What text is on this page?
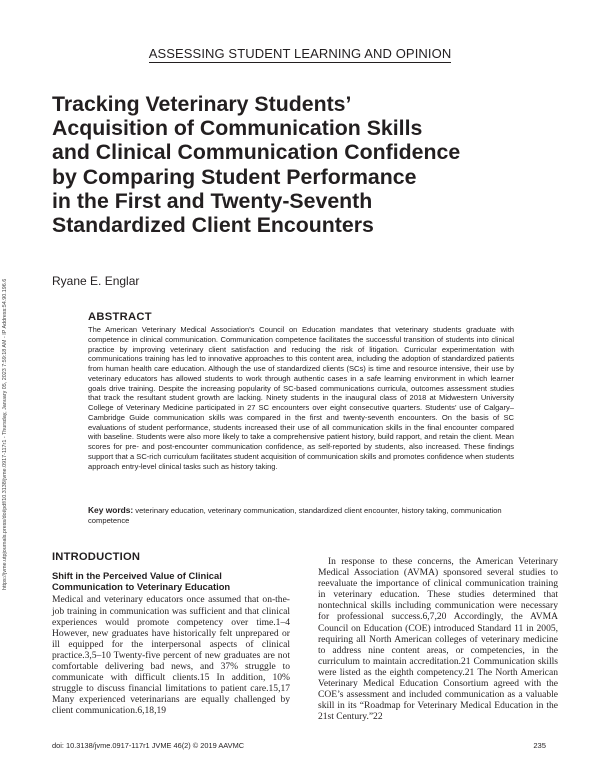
ASSESSING STUDENT LEARNING AND OPINION
Tracking Veterinary Students’
Acquisition of Communication Skills
and Clinical Communication Confidence
by Comparing Student Performance
in the First and Twenty-Seventh
Standardized Client Encounters
Ryane E. Englar
https://jvme.utpjournals.press/doi/pdf/10.3138/jvme.0917-117r1 - Thursday, January 05, 2023 7:59:18 AM - IP Address:54.90.196.6	ABSTRACT

The American Veterinary Medical Association’s Council on Education mandates that veterinary students graduate with competence in clinical communication. Communication competence facilitates the successful transition of students into clinical practice by improving veterinary client satisfaction and reducing the risk of litigation. Curricular experimentation with communications training has led to innovative approaches to this content area, including the adoption of standardized patients from human health care education. Although the use of standardized clients (SCs) is time and resource intensive, their use by veterinary educators has allowed students to work through authentic cases in a safe learning environment in which learner goals drive training. Despite the increasing popularity of SC-based communications curricula, outcomes assessment studies that track the resultant student growth are lacking. Ninety students in the inaugural class of 2018 at Midwestern University College of Veterinary Medicine participated in 27 SC encounters over eight consecutive quarters. Students’ use of Calgary–Cambridge Guide communication skills was compared in the first and twenty-seventh encounters. On the basis of SC evaluations of student performance, students increased their use of all communication skills in the final encounter compared with baseline. Students were also more likely to take a comprehensive patient history, build rapport, and retain the client. Mean scores for pre- and post-encounter communication confidence, as self-reported by students, also increased. These findings support that a SC-rich curriculum facilitates student acquisition of communication skills and promotes confidence when students approach entry-level clinical tasks such as history taking.

Key words: veterinary education, veterinary communication, standardized client encounter, history taking, communication competence
INTRODUCTION
Shift in the Perceived Value of Clinical Communication to Veterinary Education

Medical and veterinary educators once assumed that on-the-job training in communication was sufficient and that clinical experiences would promote competency over time.1–4 However, new graduates have historically felt unprepared or ill equipped for the interpersonal aspects of clinical practice.3,5–10 Twenty-five percent of new graduates are not comfortable delivering bad news, and 37% struggle to communicate with difficult clients.15 In addition, 10% struggle to discuss financial limitations to patient care.15,17 Many experienced veterinarians are equally challenged by client communication.6,18,19

In response to these concerns, the American Veterinary Medical Association (AVMA) sponsored several studies to reevaluate the importance of clinical communication training in veterinary education. These studies determined that nontechnical skills including communication were necessary for professional success.6,7,20 Accordingly, the AVMA Council on Education (COE) introduced Standard 11 in 2005, requiring all North American colleges of veterinary medicine to address nine content areas, or competencies, in the curriculum to maintain accreditation.21 Communication skills were listed as the eighth competency.21 The North American Veterinary Medical Education Consortium agreed with the COE’s assessment and included communication as a valuable skill in its “Roadmap for Veterinary Medical Education in the 21st Century.”22

doi: 10.3138/jvme.0917-117r1 JVME 46(2) © 2019 AAVMC	235
